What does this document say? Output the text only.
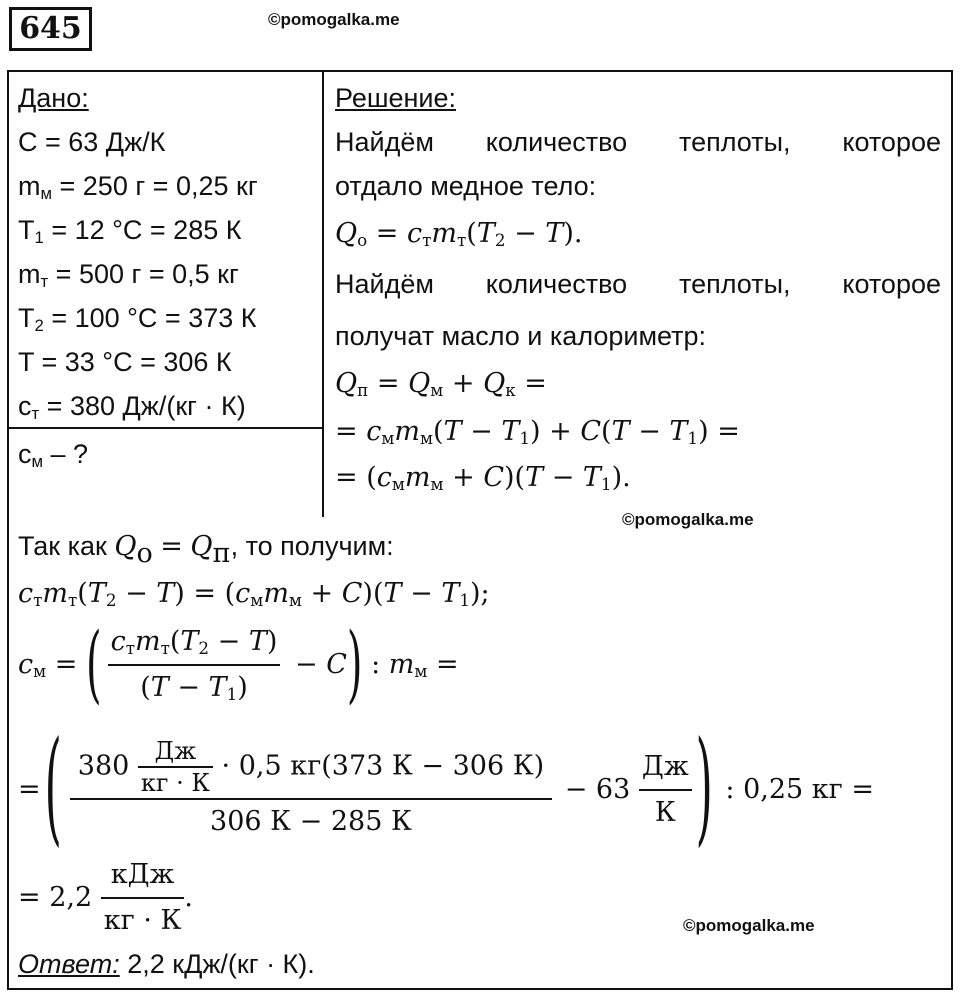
645	©pomogalka.me
©pomogalka.me
©pomogalka.me
Дано:
C = 63 Дж/К
$m_м = 250$ г = 0,25 кг
$T_1 = 12$ °C = 285 К
$m_т = 500$ г = 0,5 кг
$T_2 = 100$ °C = 373 К
T = 33 °C = 306 К
$c_т = 380$ Дж/(кг · К)
$c_м$ – ?
Решение:
Найдём количество теплоты, которое
отдало медное тело:
$Q_о = c_тm_т(T_2 - T)$.
Найдём количество теплоты, которое
получат масло и калориметр:
$Q_п = Q_м + Q_к$ =
= $c_мm_м(T - T_1) + C(T - T_1)$ =
= $(c_мm_м + C)(T - T_1)$.
Так как $Q_о = Q_п$, то получим:
$c_тm_т(T_2 - T) = (c_мm_м + C)(T - T_1)$;
$c_м$ = ( $\frac{c_тm_т(T_2 - T)}{(T - T_1)} - C$ ) : $m_м$ =
= ( $\frac{380 \frac{Дж}{кг \cdot К} \cdot 0,5 кг(373 К - 306 К)}{306 К - 285 К} - 63 \frac{Дж}{К}$ ) : 0,25 кг =
= $2,2 \frac{\text{кДж}}{кг \cdot К}$ .
Ответ: 2,2 кДж/(кг · К).
